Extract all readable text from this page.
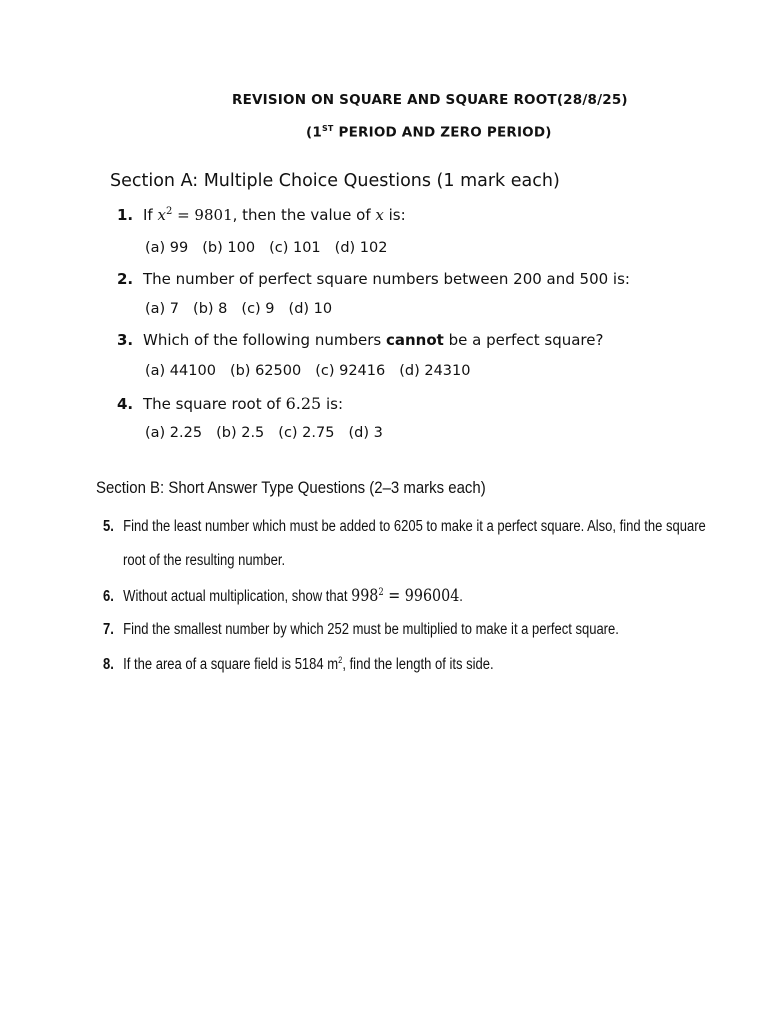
REVISION ON SQUARE AND SQUARE ROOT(28/8/25)
(1ST PERIOD AND ZERO PERIOD)
Section A: Multiple Choice Questions (1 mark each)
1. If $x^2 = 9801$, then the value of x is:
(a) 99 (b) 100 (c) 101 (d) 102
2. The number of perfect square numbers between 200 and 500 is:
(a) 7 (b) 8 (c) 9 (d) 10
3. Which of the following numbers cannot be a perfect square?
(a) 44100 (b) 62500 (c) 92416 (d) 24310
4. The square root of 6.25 is:
(a) 2.25 (b) 2.5 (c) 2.75 (d) 3
Section B: Short Answer Type Questions (2–3 marks each)
5. Find the least number which must be added to 6205 to make it a perfect square. Also, find the square
root of the resulting number.
6. Without actual multiplication, show that $998^2 = 996004$.
7. Find the smallest number by which 252 must be multiplied to make it a perfect square.
8. If the area of a square field is 5184 $m^2$, find the length of its side.
